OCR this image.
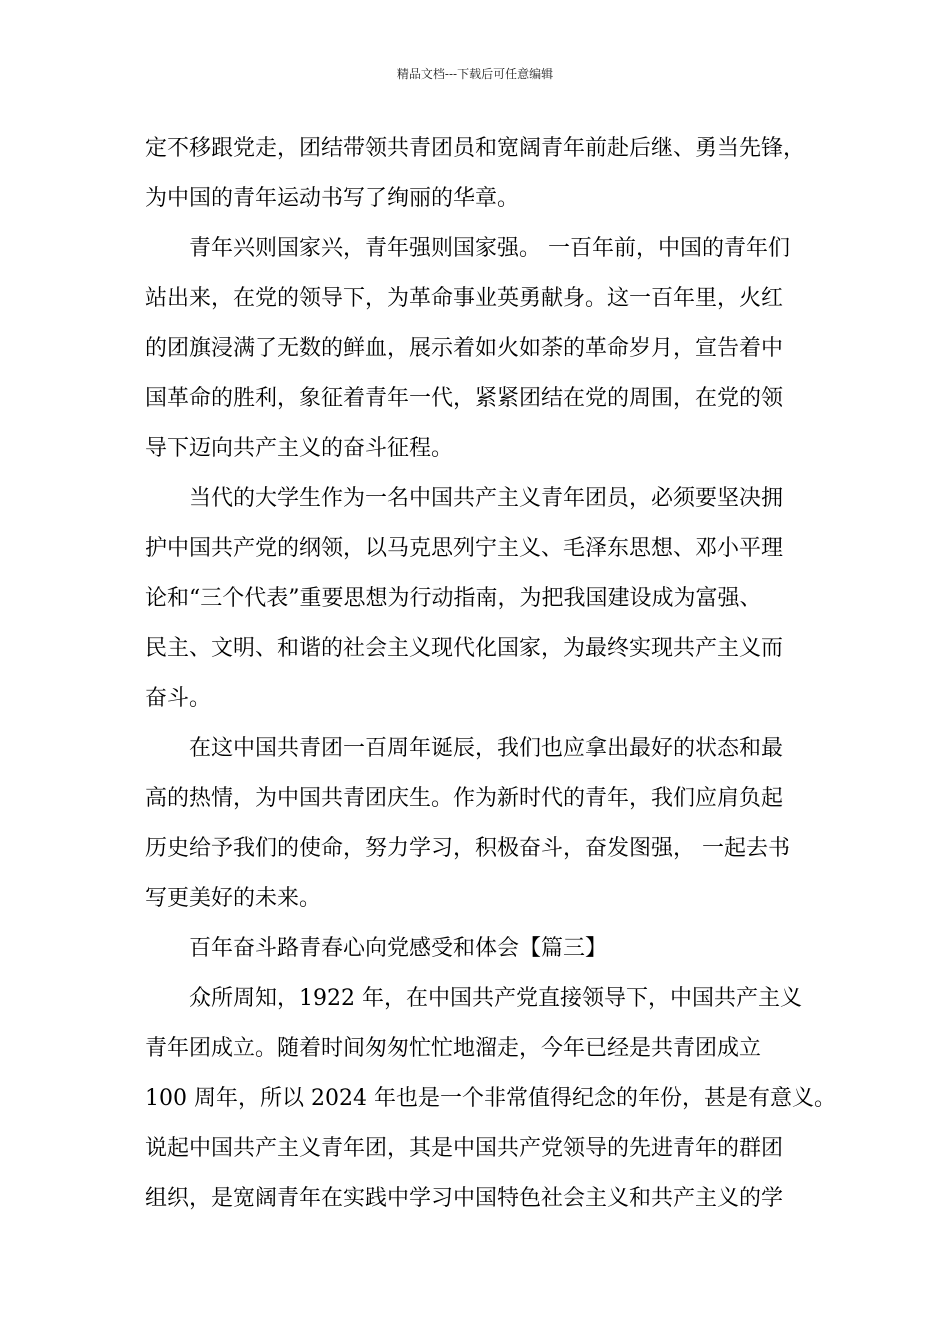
精品文档---下载后可任意编辑
定不移跟党走，团结带领共青团员和宽阔青年前赴后继、勇当先锋，
为中国的青年运动书写了绚丽的华章。
青年兴则国家兴，青年强则国家强。 一百年前，中国的青年们
站出来，在党的领导下，为革命事业英勇献身。这一百年里，火红
的团旗浸满了无数的鲜血，展示着如火如荼的革命岁月，宣告着中
国革命的胜利，象征着青年一代，紧紧团结在党的周围，在党的领
导下迈向共产主义的奋斗征程。
当代的大学生作为一名中国共产主义青年团员，必须要坚决拥
护中国共产党的纲领，以马克思列宁主义、毛泽东思想、邓小平理
论和“三个代表”重要思想为行动指南，为把我国建设成为富强、
民主、文明、和谐的社会主义现代化国家，为最终实现共产主义而
奋斗。
在这中国共青团一百周年诞辰，我们也应拿出最好的状态和最
高的热情，为中国共青团庆生。作为新时代的青年，我们应肩负起
历史给予我们的使命，努力学习，积极奋斗，奋发图强， 一起去书
写更美好的未来。
百年奋斗路青春心向党感受和体会【篇三】
众所周知，1922 年，在中国共产党直接领导下，中国共产主义
青年团成立。随着时间匆匆忙忙地溜走，今年已经是共青团成立
100 周年，所以 2024 年也是一个非常值得纪念的年份，甚是有意义。
说起中国共产主义青年团，其是中国共产党领导的先进青年的群团
组织，是宽阔青年在实践中学习中国特色社会主义和共产主义的学
